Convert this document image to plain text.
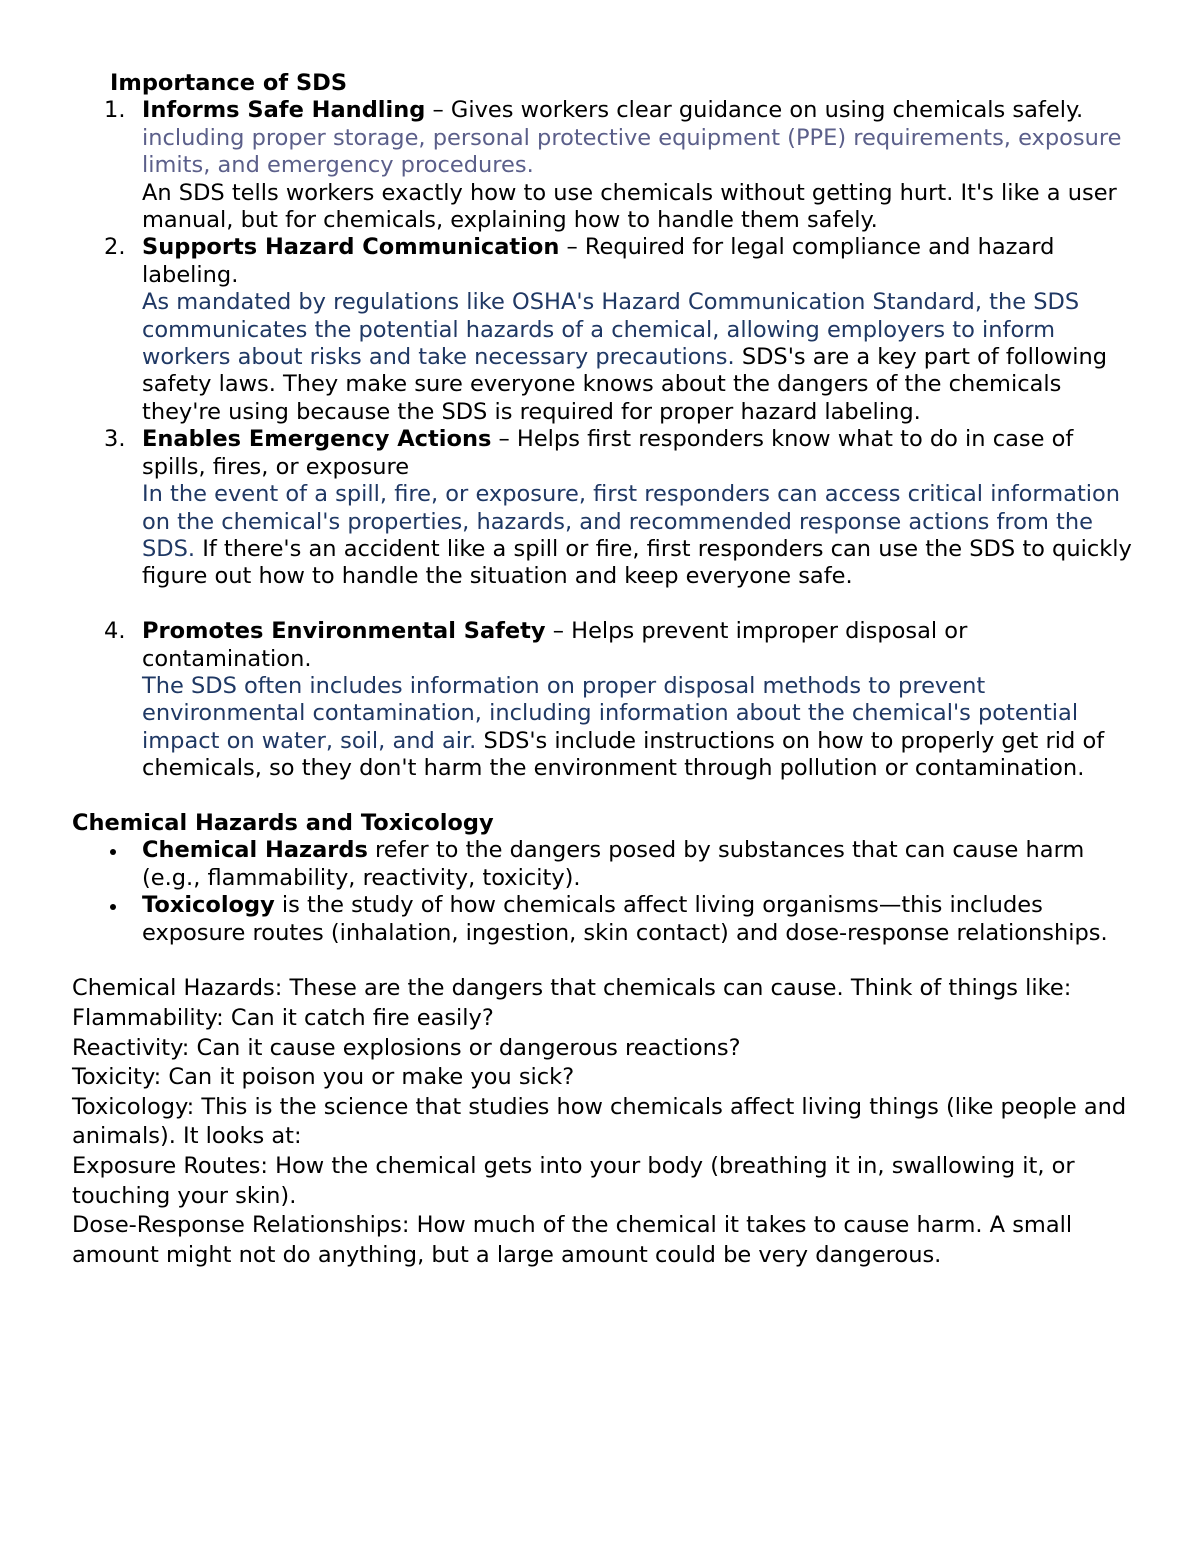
Importance of SDS
1. Informs Safe Handling – Gives workers clear guidance on using chemicals safely.
including proper storage, personal protective equipment (PPE) requirements, exposure limits, and emergency procedures.
An SDS tells workers exactly how to use chemicals without getting hurt. It's like a user manual, but for chemicals, explaining how to handle them safely.
2. Supports Hazard Communication – Required for legal compliance and hazard labeling.
As mandated by regulations like OSHA's Hazard Communication Standard, the SDS communicates the potential hazards of a chemical, allowing employers to inform workers about risks and take necessary precautions. SDS's are a key part of following safety laws. They make sure everyone knows about the dangers of the chemicals they're using because the SDS is required for proper hazard labeling.
3. Enables Emergency Actions – Helps first responders know what to do in case of spills, fires, or exposure
In the event of a spill, fire, or exposure, first responders can access critical information on the chemical's properties, hazards, and recommended response actions from the SDS. If there's an accident like a spill or fire, first responders can use the SDS to quickly figure out how to handle the situation and keep everyone safe.
4. Promotes Environmental Safety – Helps prevent improper disposal or contamination.
The SDS often includes information on proper disposal methods to prevent environmental contamination, including information about the chemical's potential impact on water, soil, and air. SDS's include instructions on how to properly get rid of chemicals, so they don't harm the environment through pollution or contamination.
Chemical Hazards and Toxicology
Chemical Hazards refer to the dangers posed by substances that can cause harm (e.g., flammability, reactivity, toxicity).
Toxicology is the study of how chemicals affect living organisms—this includes exposure routes (inhalation, ingestion, skin contact) and dose-response relationships.

Chemical Hazards: These are the dangers that chemicals can cause. Think of things like:

Flammability: Can it catch fire easily?

Reactivity: Can it cause explosions or dangerous reactions?

Toxicity: Can it poison you or make you sick?

Toxicology: This is the science that studies how chemicals affect living things (like people and animals). It looks at:

Exposure Routes: How the chemical gets into your body (breathing it in, swallowing it, or touching your skin).

Dose-Response Relationships: How much of the chemical it takes to cause harm. A small amount might not do anything, but a large amount could be very dangerous.
